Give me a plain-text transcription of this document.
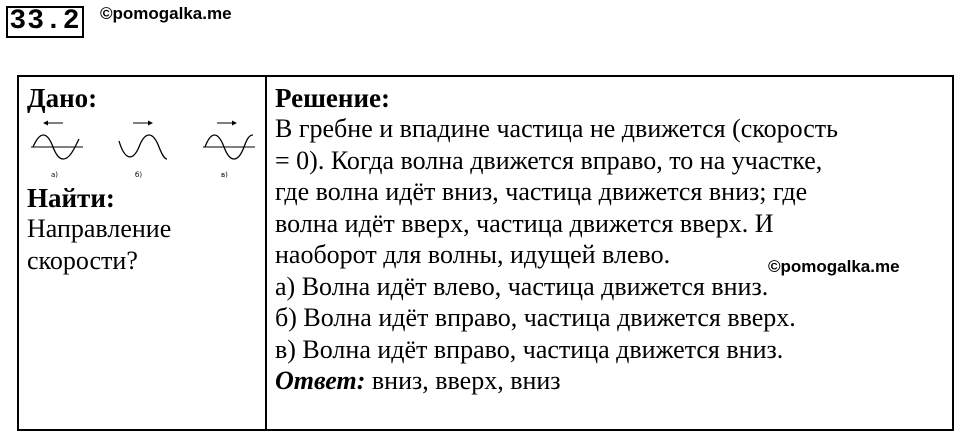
33.2 ©pomogalka.me
Дано:
а)	б)	в)
Найти:
Направление
скорости?
Решение:
В гребне и впадине частица не движется (скорость
= 0). Когда волна движется вправо, то на участке,
где волна идёт вниз, частица движется вниз; где
волна идёт вверх, частица движется вверх. И
наоборот для волны, идущей влево.
а) Волна идёт влево, частица движется вниз.
б) Волна идёт вправо, частица движется вверх.
в) Волна идёт вправо, частица движется вниз.
Ответ: вниз, вверх, вниз
©pomogalka.me
